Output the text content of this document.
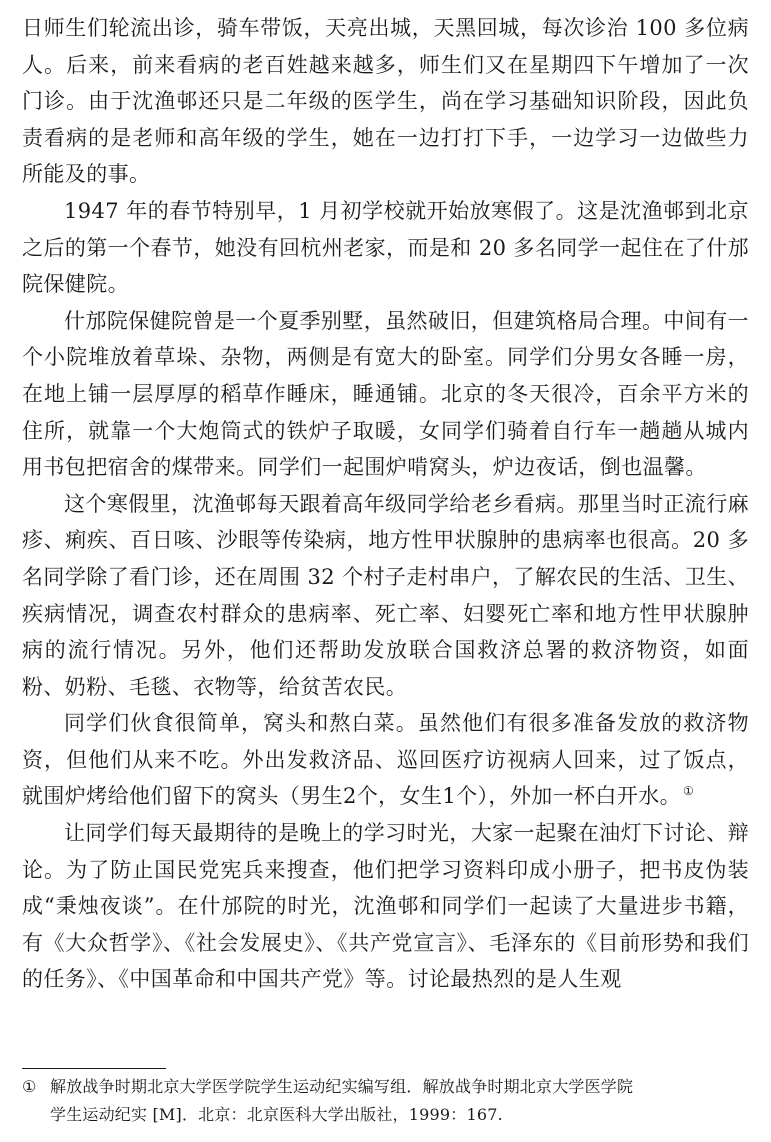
日师生们轮流出诊，骑车带饭，天亮出城，天黑回城，每次诊治 100 多位病人。后来，前来看病的老百姓越来越多，师生们又在星期四下午增加了一次门诊。由于沈渔邨还只是二年级的医学生，尚在学习基础知识阶段，因此负责看病的是老师和高年级的学生，她在一边打打下手，一边学习一边做些力所能及的事。

1947 年的春节特别早，1 月初学校就开始放寒假了。这是沈渔邨到北京之后的第一个春节，她没有回杭州老家，而是和 20 多名同学一起住在了什邡院保健院。

什邡院保健院曾是一个夏季别墅，虽然破旧，但建筑格局合理。中间有一个小院堆放着草垛、杂物，两侧是有宽大的卧室。同学们分男女各睡一房，在地上铺一层厚厚的稻草作睡床，睡通铺。北京的冬天很冷，百余平方米的住所，就靠一个大炮筒式的铁炉子取暖，女同学们骑着自行车一趟趟从城内用书包把宿舍的煤带来。同学们一起围炉啃窝头，炉边夜话，倒也温馨。

这个寒假里，沈渔邨每天跟着高年级同学给老乡看病。那里当时正流行麻疹、痢疾、百日咳、沙眼等传染病，地方性甲状腺肿的患病率也很高。20 多名同学除了看门诊，还在周围 32 个村子走村串户，了解农民的生活、卫生、疾病情况，调查农村群众的患病率、死亡率、妇婴死亡率和地方性甲状腺肿病的流行情况。另外，他们还帮助发放联合国救济总署的救济物资，如面粉、奶粉、毛毯、衣物等，给贫苦农民。

同学们伙食很简单，窝头和熬白菜。虽然他们有很多准备发放的救济物资，但他们从来不吃。外出发救济品、巡回医疗访视病人回来，过了饭点，就围炉烤给他们留下的窝头（男生2个，女生1个），外加一杯白开水。 ①

让同学们每天最期待的是晚上的学习时光，大家一起聚在油灯下讨论、辩论。为了防止国民党宪兵来搜查，他们把学习资料印成小册子，把书皮伪装成“秉烛夜谈”。在什邡院的时光，沈渔邨和同学们一起读了大量进步书籍，有《大众哲学》、《社会发展史》、《共产党宣言》、毛泽东的《目前形势和我们的任务》、《中国革命和中国共产党》等。讨论最热烈的是人生观

① 解放战争时期北京大学医学院学生运动纪实编写组．解放战争时期北京大学医学院
学生运动纪实 [M]．北京：北京医科大学出版社，1999：167.
